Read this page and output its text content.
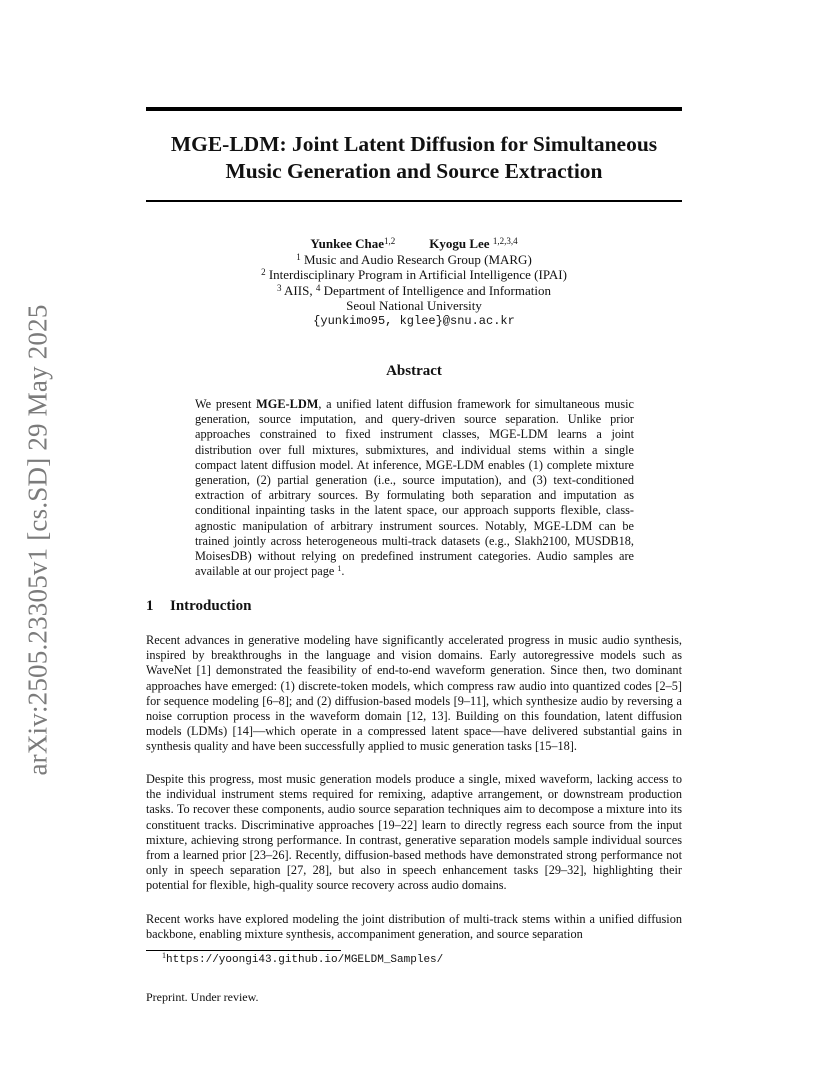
arXiv:2505.23305v1 [cs.SD] 29 May 2025
MGE-LDM: Joint Latent Diffusion for Simultaneous
Music Generation and Source Extraction
Yunkee Chae$^{1,2}$	Kyogu Lee $^{1,2,3,4}$
$^1$ Music and Audio Research Group (MARG)
$^2$ Interdisciplinary Program in Artificial Intelligence (IPAI)
$^3$ AIIS, $^4$ Department of Intelligence and Information
Seoul National University
{yunkimo95, kglee}@snu.ac.kr
Abstract
We present MGE-LDM, a unified latent diffusion framework for simultaneous music generation, source imputation, and query-driven source separation. Unlike prior approaches constrained to fixed instrument classes, MGE-LDM learns a joint distribution over full mixtures, submixtures, and individual stems within a single compact latent diffusion model. At inference, MGE-LDM enables (1) complete mixture generation, (2) partial generation (i.e., source imputation), and (3) text-conditioned extraction of arbitrary sources. By formulating both separation and imputation as conditional inpainting tasks in the latent space, our approach supports flexible, class-agnostic manipulation of arbitrary instrument sources. Notably, MGE-LDM can be trained jointly across heterogeneous multi-track datasets (e.g., Slakh2100, MUSDB18, MoisesDB) without relying on predefined instrument categories. Audio samples are available at our project page $^1$.
1 Introduction

Recent advances in generative modeling have significantly accelerated progress in music audio synthesis, inspired by breakthroughs in the language and vision domains. Early autoregressive models such as WaveNet [1] demonstrated the feasibility of end-to-end waveform generation. Since then, two dominant approaches have emerged: (1) discrete-token models, which compress raw audio into quantized codes [2–5] for sequence modeling [6–8]; and (2) diffusion-based models [9–11], which synthesize audio by reversing a noise corruption process in the waveform domain [12, 13]. Building on this foundation, latent diffusion models (LDMs) [14]—which operate in a compressed latent space—have delivered substantial gains in synthesis quality and have been successfully applied to music generation tasks [15–18].

Despite this progress, most music generation models produce a single, mixed waveform, lacking access to the individual instrument stems required for remixing, adaptive arrangement, or downstream production tasks. To recover these components, audio source separation techniques aim to decompose a mixture into its constituent tracks. Discriminative approaches [19–22] learn to directly regress each source from the input mixture, achieving strong performance. In contrast, generative separation models sample individual sources from a learned prior [23–26]. Recently, diffusion-based methods have demonstrated strong performance not only in speech separation [27, 28], but also in speech enhancement tasks [29–32], highlighting their potential for flexible, high-quality source recovery across audio domains.

Recent works have explored modeling the joint distribution of multi-track stems within a unified diffusion backbone, enabling mixture synthesis, accompaniment generation, and source separation

$^1$https://yoongi43.github.io/MGELDM_Samples/
Preprint. Under review.
